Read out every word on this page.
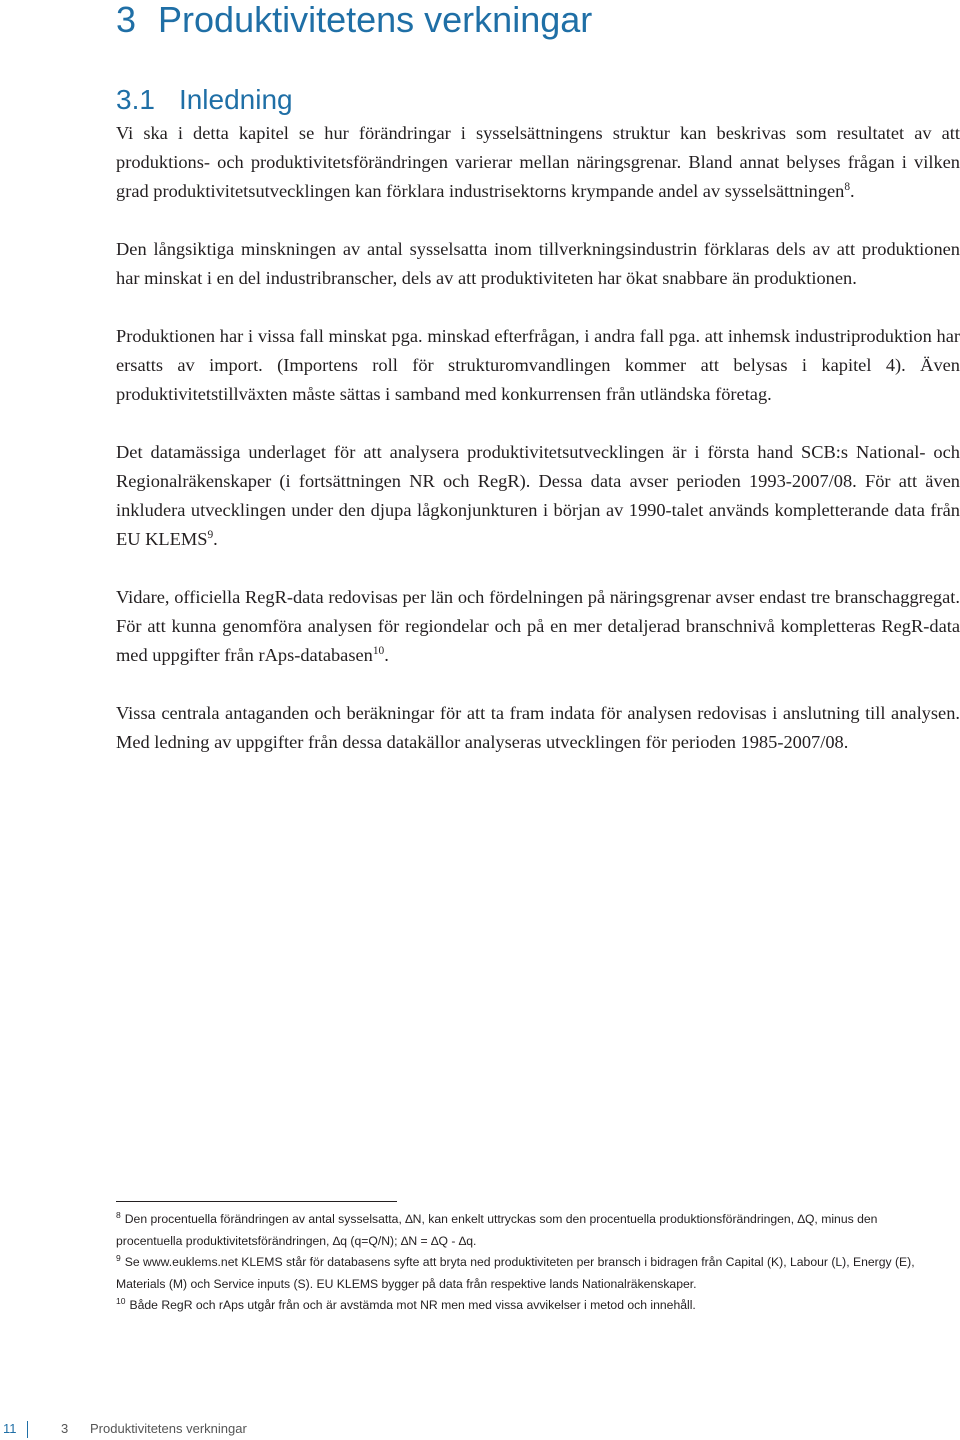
3 Produktivitetens verkningar
3.1 Inledning

Vi ska i detta kapitel se hur förändringar i sysselsättningens struktur kan beskrivas som resultatet av att produktions- och produktivitetsförändringen varierar mellan näringsgrenar. Bland annat belyses frågan i vilken grad produktivitetsutvecklingen kan förklara industrisektorns krympande andel av sysselsättningen$^8$.

Den långsiktiga minskningen av antal sysselsatta inom tillverkningsindustrin förklaras dels av att produktionen har minskat i en del industribranscher, dels av att produktiviteten har ökat snabbare än produktionen.

Produktionen har i vissa fall minskat pga. minskad efterfrågan, i andra fall pga. att inhemsk industriproduktion har ersatts av import. (Importens roll för strukturomvandlingen kommer att belysas i kapitel 4). Även produktivitetstillväxten måste sättas i samband med konkurrensen från utländska företag.

Det datamässiga underlaget för att analysera produktivitetsutvecklingen är i första hand SCB:s National- och Regionalräkenskaper (i fortsättningen NR och RegR). Dessa data avser perioden 1993-2007/08. För att även inkludera utvecklingen under den djupa lågkonjunkturen i början av 1990-talet används kompletterande data från EU KLEMS$^9$.

Vidare, officiella RegR-data redovisas per län och fördelningen på näringsgrenar avser endast tre branschaggregat. För att kunna genomföra analysen för regiondelar och på en mer detaljerad branschnivå kompletteras RegR-data med uppgifter från rAps-databasen$^{10}$.

Vissa centrala antaganden och beräkningar för att ta fram indata för analysen redovisas i anslutning till analysen. Med ledning av uppgifter från dessa datakällor analyseras utvecklingen för perioden 1985-2007/08.

$^8$ Den procentuella förändringen av antal sysselsatta, ∆N, kan enkelt uttryckas som den procentuella produktionsförändringen, ∆Q, minus den procentuella produktivitetsförändringen, ∆q (q=Q/N); ∆N = ∆Q - ∆q.

$^9$ Se www.euklems.net KLEMS står för databasens syfte att bryta ned produktiviteten per bransch i bidragen från Capital (K), Labour (L), Energy (E), Materials (M) och Service inputs (S). EU KLEMS bygger på data från respektive lands Nationalräkenskaper.

$^{10}$ Både RegR och rAps utgår från och är avstämda mot NR men med vissa avvikelser i metod och innehåll.

11	3 Produktivitetens verkningar
